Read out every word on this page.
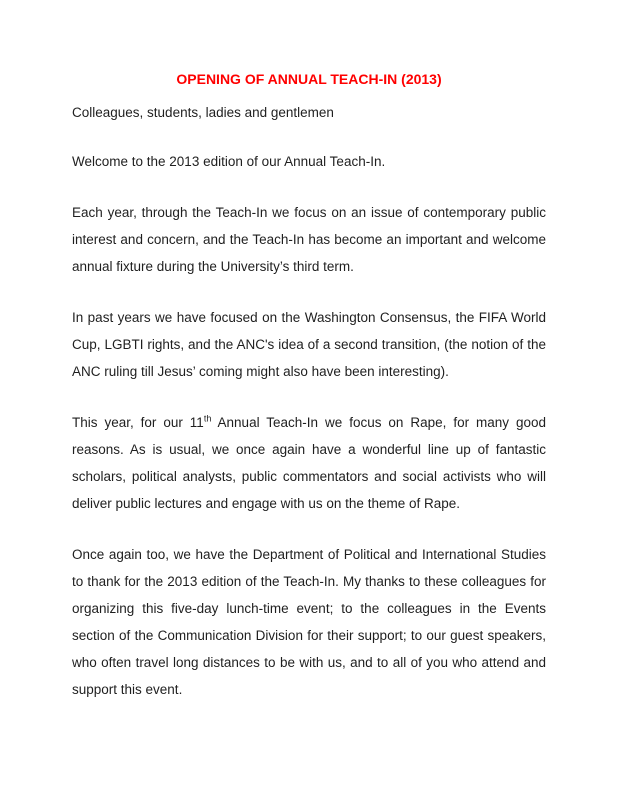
OPENING OF ANNUAL TEACH-IN (2013)

Colleagues, students, ladies and gentlemen

Welcome to the 2013 edition of our Annual Teach-In.

Each year, through the Teach-In we focus on an issue of contemporary public interest and concern, and the Teach-In has become an important and welcome annual fixture during the University’s third term.

In past years we have focused on the Washington Consensus, the FIFA World Cup, LGBTI rights, and the ANC's idea of a second transition, (the notion of the ANC ruling till Jesus’ coming might also have been interesting).

This year, for our 11th Annual Teach-In we focus on Rape, for many good reasons. As is usual, we once again have a wonderful line up of fantastic scholars, political analysts, public commentators and social activists who will deliver public lectures and engage with us on the theme of Rape.

Once again too, we have the Department of Political and International Studies to thank for the 2013 edition of the Teach-In. My thanks to these colleagues for organizing this five-day lunch-time event; to the colleagues in the Events section of the Communication Division for their support; to our guest speakers, who often travel long distances to be with us, and to all of you who attend and support this event.
